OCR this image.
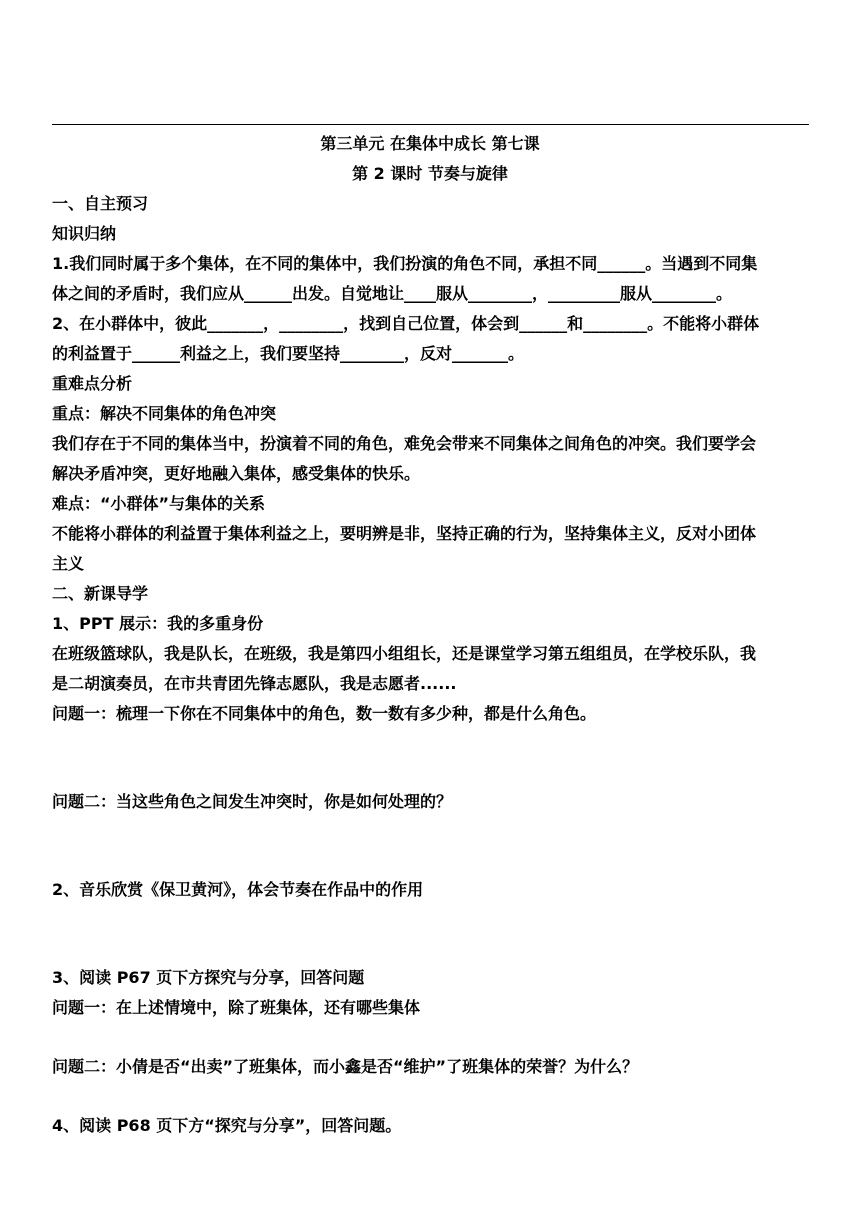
第三单元 在集体中成长 第七课
第 2 课时 节奏与旋律
一、自主预习
知识归纳
1.我们同时属于多个集体，在不同的集体中，我们扮演的角色不同，承担不同______。当遇到不同集
体之间的矛盾时，我们应从______出发。自觉地让____服从________，_________服从________。
2、在小群体中，彼此_______，________，找到自己位置，体会到______和________。不能将小群体
的利益置于______利益之上，我们要坚持________，反对_______。
重难点分析
重点：解决不同集体的角色冲突
我们存在于不同的集体当中，扮演着不同的角色，难免会带来不同集体之间角色的冲突。我们要学会
解决矛盾冲突，更好地融入集体，感受集体的快乐。
难点：“小群体”与集体的关系
不能将小群体的利益置于集体利益之上，要明辨是非，坚持正确的行为，坚持集体主义，反对小团体
主义
二、新课导学
1、PPT 展示：我的多重身份
在班级篮球队，我是队长，在班级，我是第四小组组长，还是课堂学习第五组组员，在学校乐队，我
是二胡演奏员，在市共青团先锋志愿队，我是志愿者......
问题一：梳理一下你在不同集体中的角色，数一数有多少种，都是什么角色。
问题二：当这些角色之间发生冲突时，你是如何处理的？
2、音乐欣赏《保卫黄河》，体会节奏在作品中的作用
3、阅读 P67 页下方探究与分享，回答问题
问题一：在上述情境中，除了班集体，还有哪些集体
问题二：小倩是否“出卖”了班集体，而小鑫是否“维护”了班集体的荣誉？为什么？
4、阅读 P68 页下方“探究与分享”，回答问题。
